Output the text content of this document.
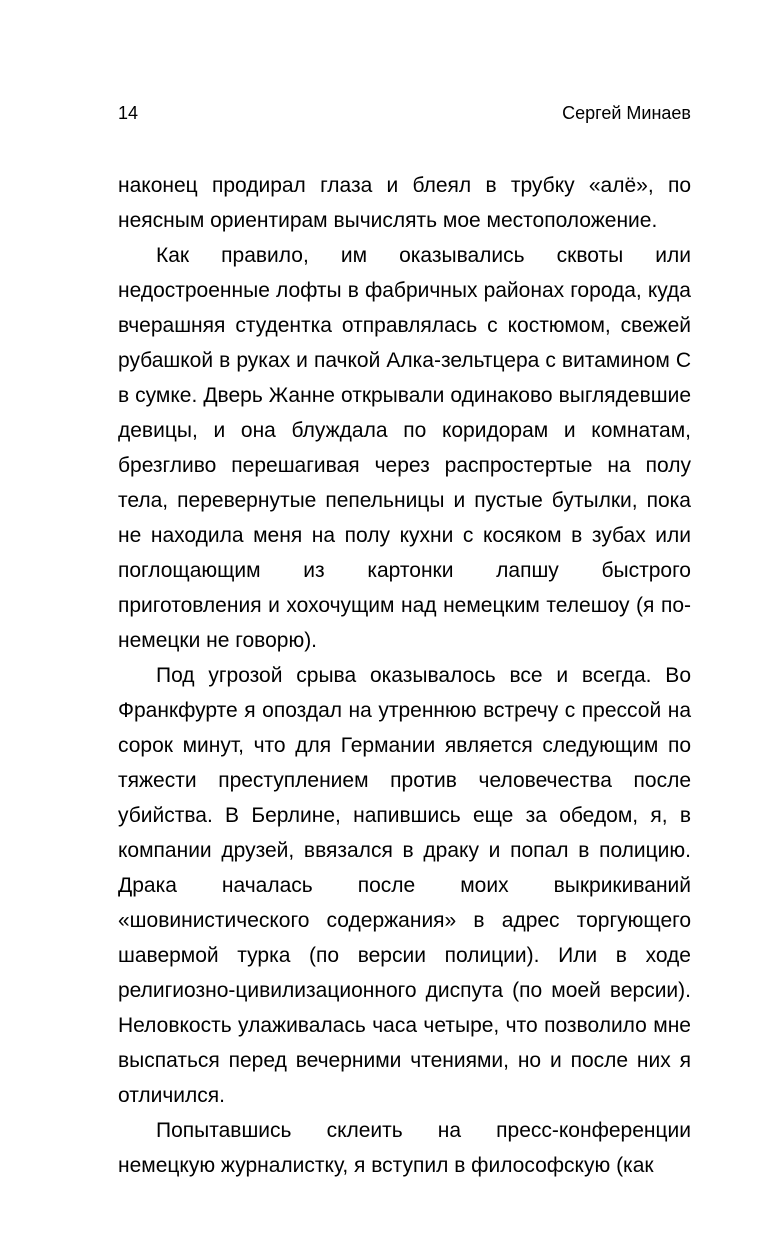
14	Сергей Минаев

наконец продирал глаза и блеял в трубку «алё», по неясным ориентирам вычислять мое местоположение.

Как правило, им оказывались сквоты или недостроенные лофты в фабричных районах города, куда вчерашняя студентка отправлялась с костюмом, свежей рубашкой в руках и пачкой Алка-зельтцера с витамином С в сумке. Дверь Жанне открывали одинаково выглядевшие девицы, и она блуждала по коридорам и комнатам, брезгливо перешагивая через распростертые на полу тела, перевернутые пепельницы и пустые бутылки, пока не находила меня на полу кухни с косяком в зубах или поглощающим из картонки лапшу быстрого приготовления и хохочущим над немецким телешоу (я по-немецки не говорю).

Под угрозой срыва оказывалось все и всегда. Во Франкфурте я опоздал на утреннюю встречу с прессой на сорок минут, что для Германии является следующим по тяжести преступлением против человечества после убийства. В Берлине, напившись еще за обедом, я, в компании друзей, ввязался в драку и попал в полицию. Драка началась после моих выкрикиваний «шовинистического содержания» в адрес торгующего шавермой турка (по версии полиции). Или в ходе религиозно-цивилизационного диспута (по моей версии). Неловкость улаживалась часа четыре, что позволило мне выспаться перед вечерними чтениями, но и после них я отличился.

Попытавшись склеить на пресс-конференции немецкую журналистку, я вступил в философскую (как
